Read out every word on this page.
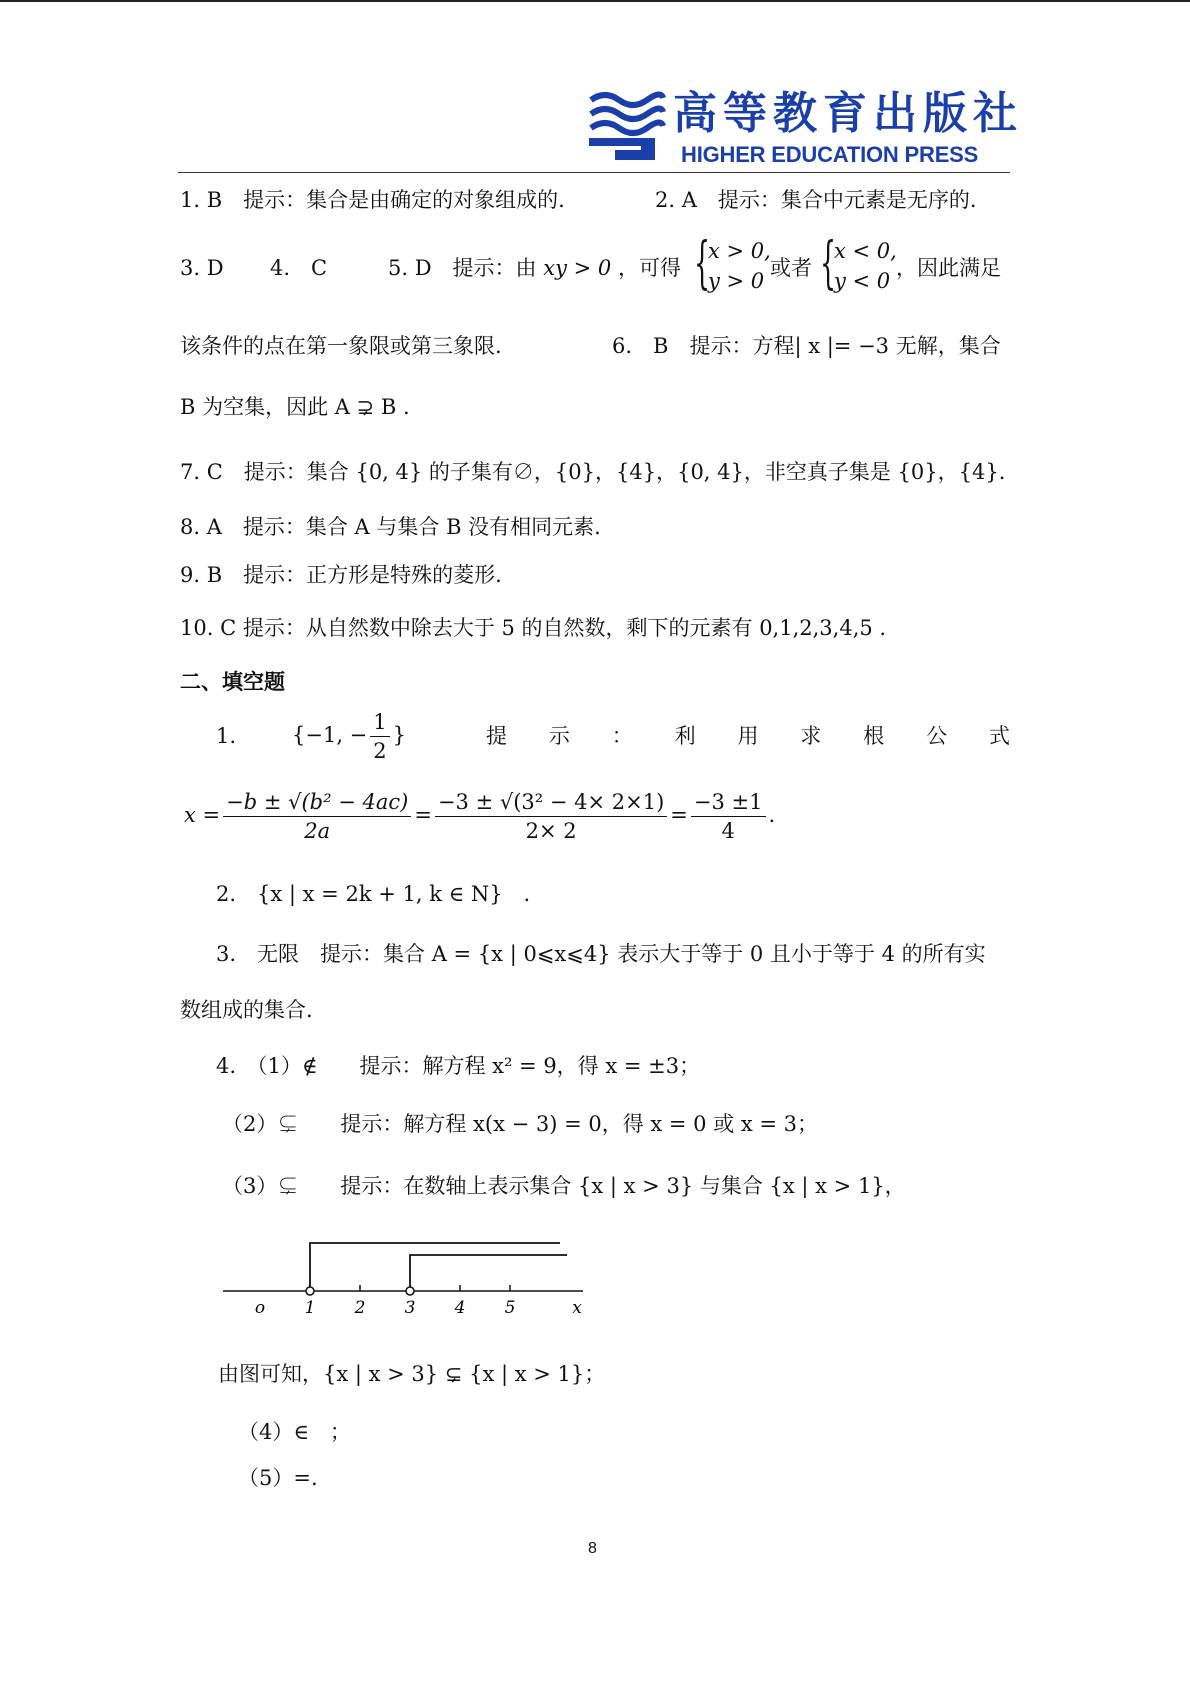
高等教育出版社
HIGHER EDUCATION PRESS
1. B　提示：集合是由确定的对象组成的.	2. A　提示：集合中元素是无序的.
3. D 4.　C	5. D　提示：由 xy > 0 ，可得 {
x > 0,
y > 0
或者 {
x < 0,
y < 0
，因此满足
该条件的点在第一象限或第三象限.	6.　B　提示：方程| x |= −3 无解，集合
B 为空集，因此 A ⊋ B .
7. C　提示：集合 {0, 4} 的子集有∅，{0}，{4}，{0, 4}，非空真子集是 {0}，{4}.
8. A　提示：集合 A 与集合 B 没有相同元素.
9. B　提示：正方形是特殊的菱形.
10. C 提示：从自然数中除去大于 5 的自然数，剩下的元素有 0,1,2,3,4,5 .
二、填空题
1.	{−1, − $\frac{1}{2}$ }	提 示 ： 利 用 求 根 公 式
$x = \frac{\text{−b ± √(b² − 4ac)}}{2a} = \frac{\text{−3 ± √(3² − 4× 2×1)}}{2\times 2} = \frac{-3 \pm 1}{4}$ .
2.　{x | x = 2k + 1, k ∈ N}　.
3.　无限　提示：集合 A = {x | 0⩽x⩽4} 表示大于等于 0 且小于等于 4 的所有实
数组成的集合.
4.　（1）∉　　提示：解方程 x² = 9，得 x = ±3；
（2）⊊　　提示：解方程 x(x − 3) = 0，得 x = 0 或 x = 3；
（3）⊊　　提示：在数轴上表示集合 {x | x > 3} 与集合 {x | x > 1}，
o 1 2 3 4 5	x
由图可知，{x | x > 3} ⊊ {x | x > 1}；
（4）∈　；
（5）=.
8
